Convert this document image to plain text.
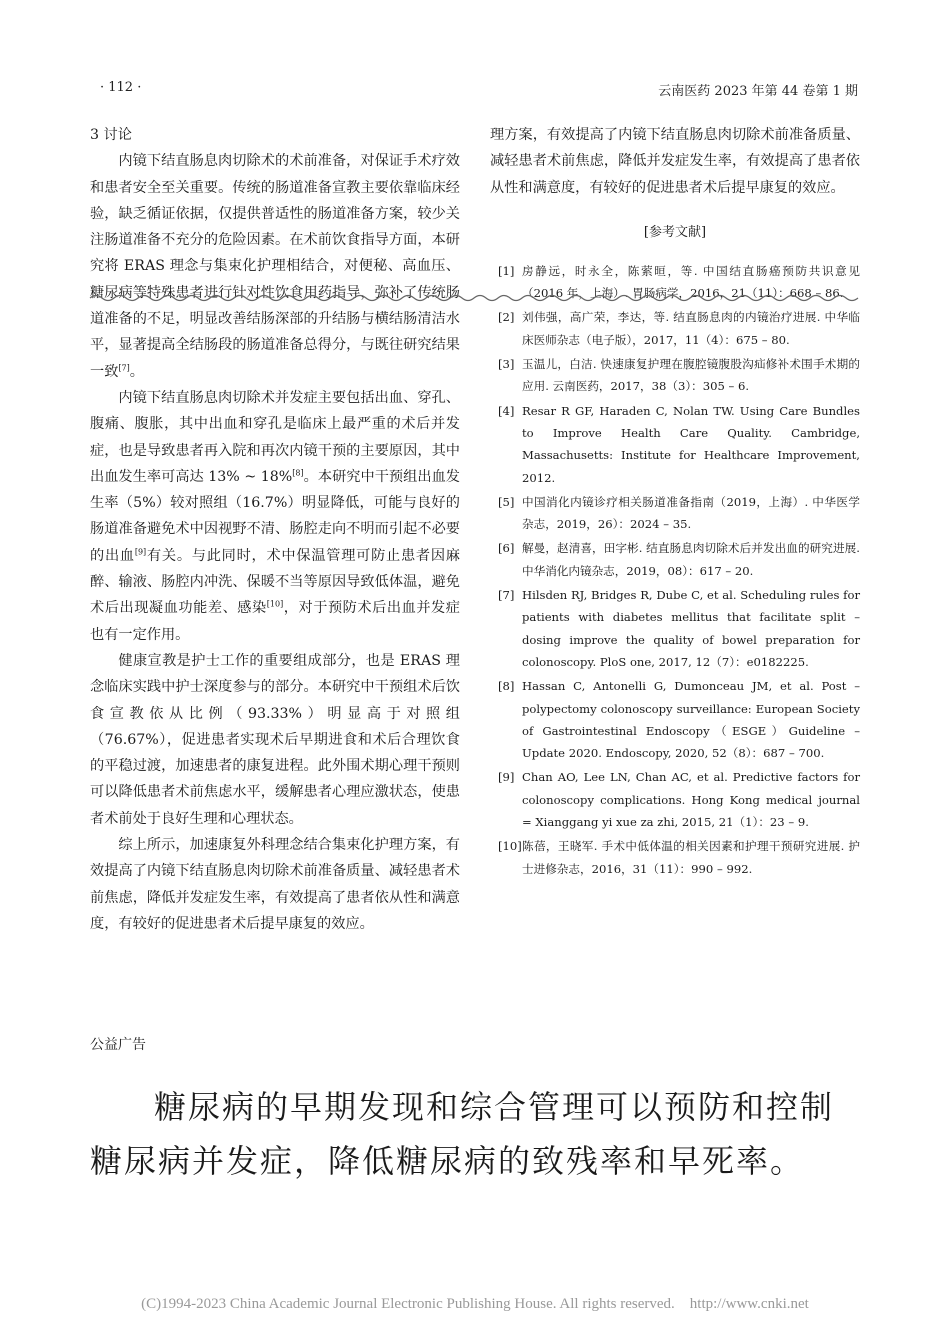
· 112 ·	云南医药 2023 年第 44 卷第 1 期

3 讨论

内镜下结直肠息肉切除术的术前准备，对保证手术疗效和患者安全至关重要。传统的肠道准备宣教主要依靠临床经验，缺乏循证依据，仅提供普适性的肠道准备方案，较少关注肠道准备不充分的危险因素。在术前饮食指导方面，本研究将 ERAS 理念与集束化护理相结合，对便秘、高血压、糖尿病等特殊患者进行针对性饮食用药指导，弥补了传统肠道准备的不足，明显改善结肠深部的升结肠与横结肠清洁水平，显著提高全结肠段的肠道准备总得分，与既往研究结果一致[7]。

内镜下结直肠息肉切除术并发症主要包括出血、穿孔、腹痛、腹胀，其中出血和穿孔是临床上最严重的术后并发症，也是导致患者再入院和再次内镜干预的主要原因，其中出血发生率可高达 13% ~ 18%[8]。本研究中干预组出血发生率（5%）较对照组（16.7%）明显降低，可能与良好的肠道准备避免术中因视野不清、肠腔走向不明而引起不必要的出血[9]有关。与此同时，术中保温管理可防止患者因麻醉、输液、肠腔内冲洗、保暖不当等原因导致低体温，避免术后出现凝血功能差、感染[10]，对于预防术后出血并发症也有一定作用。

健康宣教是护士工作的重要组成部分，也是 ERAS 理念临床实践中护士深度参与的部分。本研究中干预组术后饮食宣教依从比例（93.33%）明显高于对照组（76.67%），促进患者实现术后早期进食和术后合理饮食的平稳过渡，加速患者的康复进程。此外围术期心理干预则可以降低患者术前焦虑水平，缓解患者心理应激状态，使患者术前处于良好生理和心理状态。

综上所示，加速康复外科理念结合集束化护理方案，有效提高了内镜下结直肠息肉切除术前准备质量、减轻患者术前焦虑，降低并发症发生率，有效提高了患者依从性和满意度，有较好的促进患者术后提早康复的效应。

理方案，有效提高了内镜下结直肠息肉切除术前准备质量、减轻患者术前焦虑，降低并发症发生率，有效提高了患者依从性和满意度，有较好的促进患者术后提早康复的效应。

[参考文献]
[1] 房静远，时永全，陈萦晅，等. 中国结直肠癌预防共识意见（2016 年，上海）. 胃肠病学，2016，21（11）：668 – 86.
[2] 刘伟强，高广荣，李达，等. 结直肠息肉的内镜治疗进展. 中华临床医师杂志（电子版），2017，11（4）：675 – 80.
[3] 玉温儿，白洁. 快速康复护理在腹腔镜腹股沟疝修补术围手术期的应用. 云南医药，2017，38（3）：305 – 6.
[4] Resar R GF, Haraden C, Nolan TW. Using Care Bundles to Improve Health Care Quality. Cambridge, Massachusetts: Institute for Healthcare Improvement, 2012.
[5] 中国消化内镜诊疗相关肠道准备指南（2019，上海）. 中华医学杂志，2019，26）：2024 – 35.
[6] 解曼，赵清喜，田字彬. 结直肠息肉切除术后并发出血的研究进展. 中华消化内镜杂志，2019，08）：617 – 20.
[7] Hilsden RJ, Bridges R, Dube C, et al. Scheduling rules for patients with diabetes mellitus that facilitate split – dosing improve the quality of bowel preparation for colonoscopy. PloS one, 2017, 12（7）：e0182225.
[8] Hassan C, Antonelli G, Dumonceau JM, et al. Post – polypectomy colonoscopy surveillance: European Society of Gastrointestinal Endoscopy（ESGE）Guideline – Update 2020. Endoscopy, 2020, 52（8）：687 – 700.
[9] Chan AO, Lee LN, Chan AC, et al. Predictive factors for colonoscopy complications. Hong Kong medical journal = Xianggang yi xue za zhi, 2015, 21（1）：23 – 9.
[10] 陈蓓，王晓军. 手术中低体温的相关因素和护理干预研究进展. 护士进修杂志，2016，31（11）：990 – 992.
公益广告

糖尿病的早期发现和综合管理可以预防和控制糖尿病并发症，降低糖尿病的致残率和早死率。

(C)1994-2023 China Academic Journal Electronic Publishing House. All rights reserved.    http://www.cnki.net
